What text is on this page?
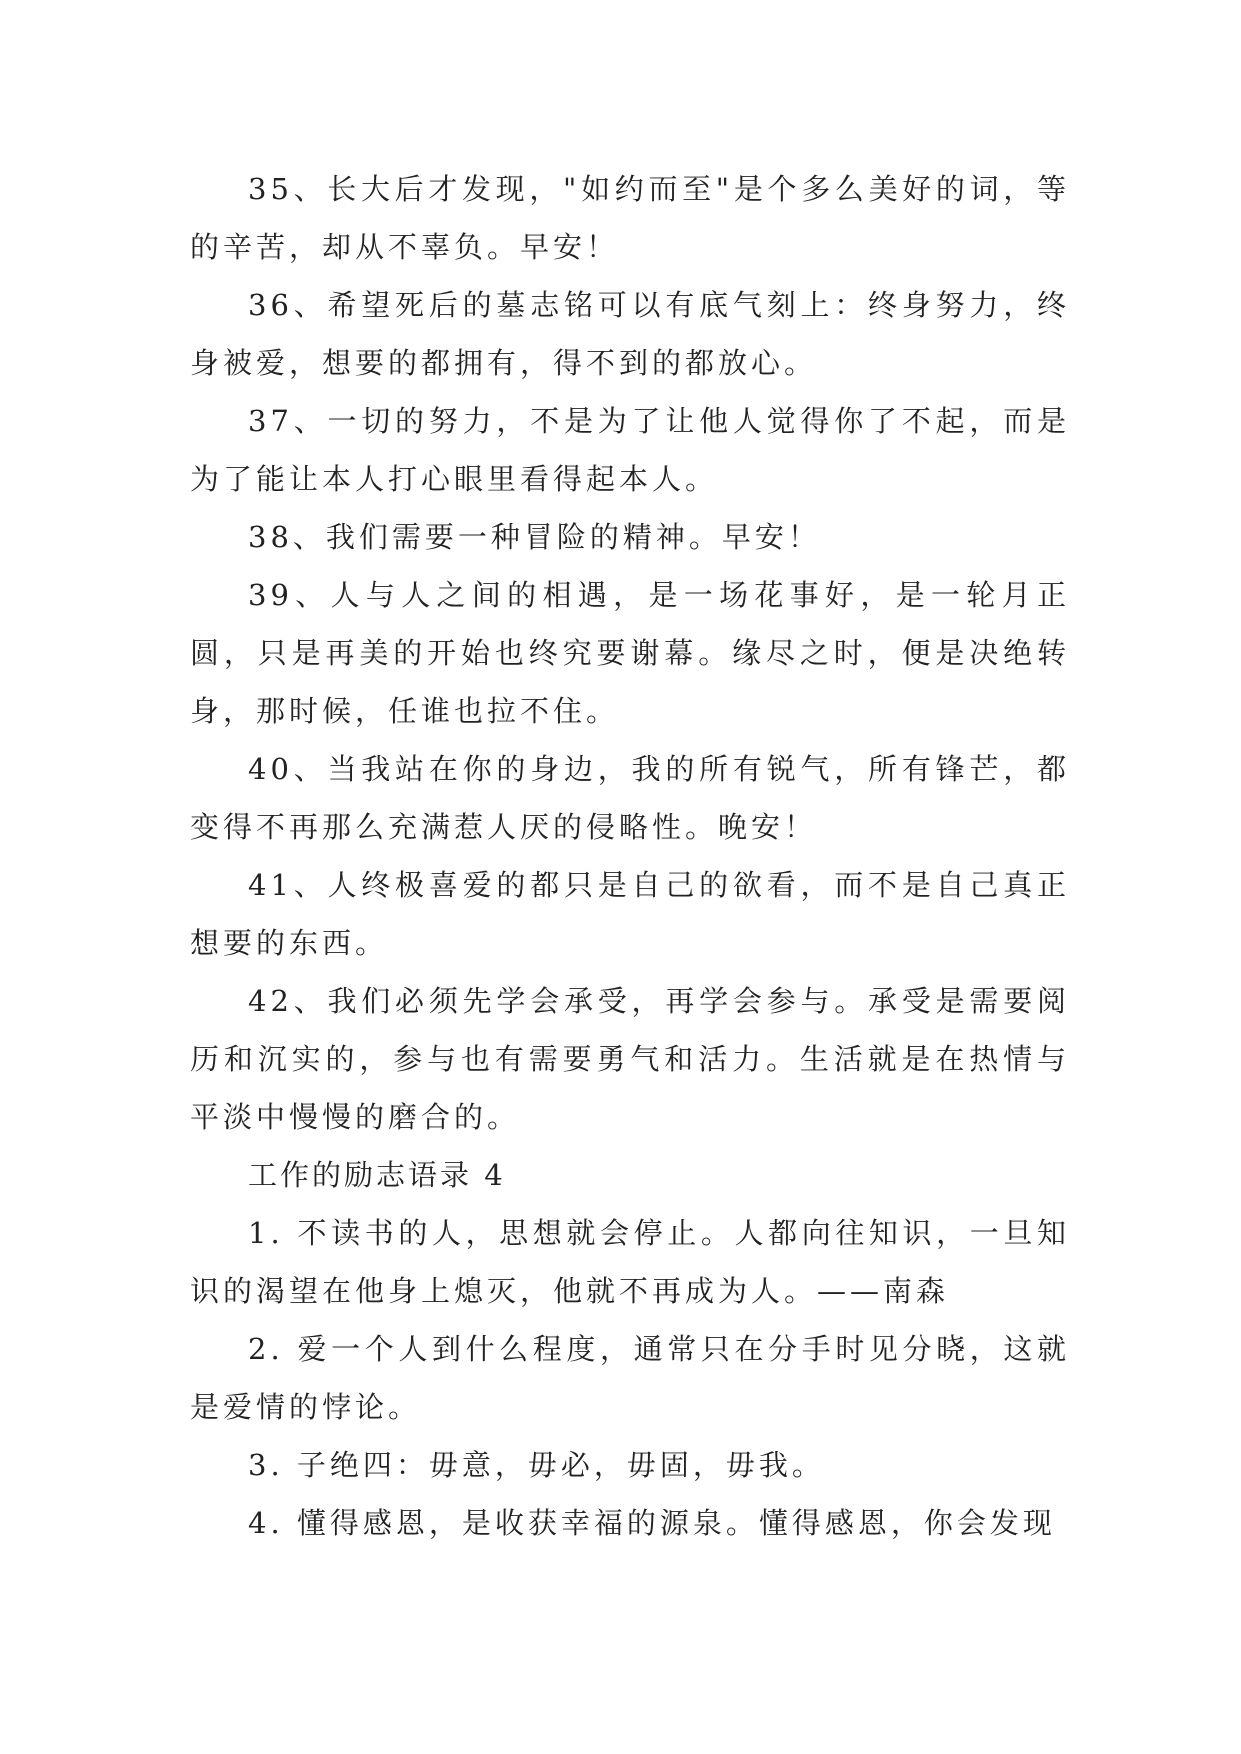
35、长大后才发现，"如约而至"是个多么美好的词，等的辛苦，却从不辜负。早安！

36、希望死后的墓志铭可以有底气刻上：终身努力，终身被爱，想要的都拥有，得不到的都放心。

37、一切的努力，不是为了让他人觉得你了不起，而是为了能让本人打心眼里看得起本人。

38、我们需要一种冒险的精神。早安！

39、人与人之间的相遇，是一场花事好，是一轮月正圆，只是再美的开始也终究要谢幕。缘尽之时，便是决绝转身，那时候，任谁也拉不住。

40、当我站在你的身边，我的所有锐气，所有锋芒，都变得不再那么充满惹人厌的侵略性。晚安！

41、人终极喜爱的都只是自己的欲看，而不是自己真正想要的东西。

42、我们必须先学会承受，再学会参与。承受是需要阅历和沉实的，参与也有需要勇气和活力。生活就是在热情与平淡中慢慢的磨合的。

工作的励志语录 4

1. 不读书的人，思想就会停止。人都向往知识，一旦知识的渴望在他身上熄灭，他就不再成为人。——南森

2. 爱一个人到什么程度，通常只在分手时见分晓，这就是爱情的悖论。

3. 子绝四：毋意，毋必，毋固，毋我。

4. 懂得感恩，是收获幸福的源泉。懂得感恩，你会发现
